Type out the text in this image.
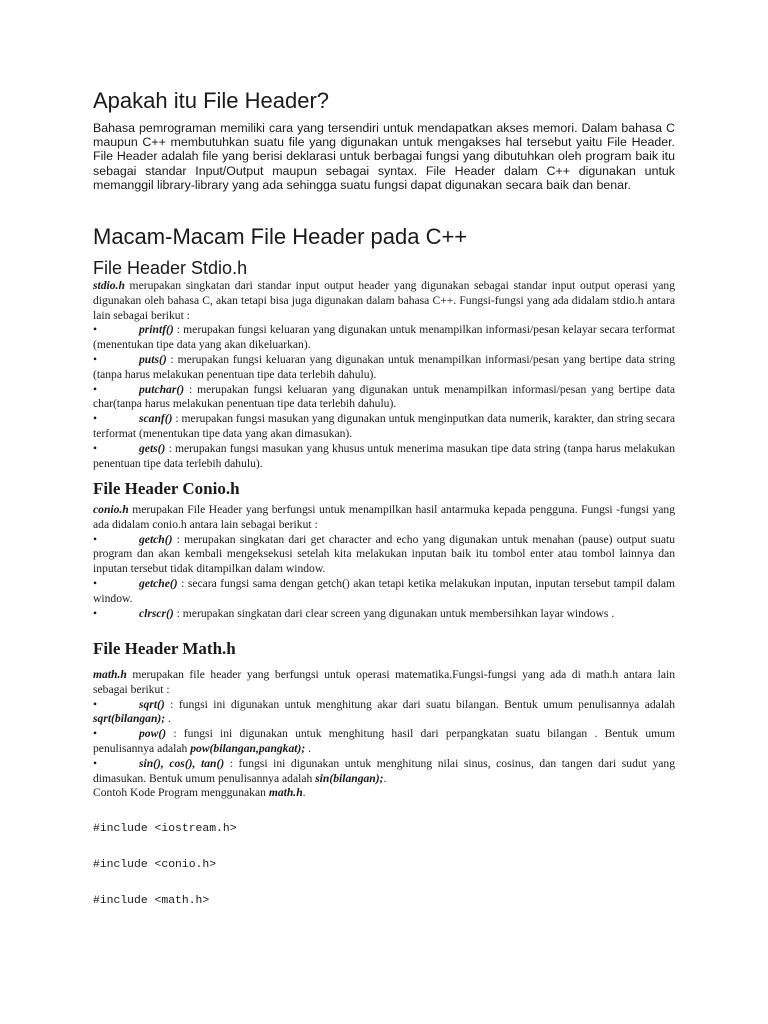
Apakah itu File Header?

Bahasa pemrograman memiliki cara yang tersendiri untuk mendapatkan akses memori. Dalam bahasa C maupun C++ membutuhkan suatu file yang digunakan untuk mengakses hal tersebut yaitu File Header. File Header adalah file yang berisi deklarasi untuk berbagai fungsi yang dibutuhkan oleh program baik itu sebagai standar Input/Output maupun sebagai syntax. File Header dalam C++ digunakan untuk memanggil library-library yang ada sehingga suatu fungsi dapat digunakan secara baik dan benar.

Macam-Macam File Header pada C++
File Header Stdio.h

stdio.h merupakan singkatan dari standar input output header yang digunakan sebagai standar input output operasi yang digunakan oleh bahasa C, akan tetapi bisa juga digunakan dalam bahasa C++. Fungsi-fungsi yang ada didalam stdio.h antara lain sebagai berikut :

•	printf() : merupakan fungsi keluaran yang digunakan untuk menampilkan informasi/pesan kelayar secara terformat (menentukan tipe data yang akan dikeluarkan).

•	puts() : merupakan fungsi keluaran yang digunakan untuk menampilkan informasi/pesan yang bertipe data string (tanpa harus melakukan penentuan tipe data terlebih dahulu).

•	putchar() : merupakan fungsi keluaran yang digunakan untuk menampilkan informasi/pesan yang bertipe data char(tanpa harus melakukan penentuan tipe data terlebih dahulu).

•	scanf() : merupakan fungsi masukan yang digunakan untuk menginputkan data numerik, karakter, dan string secara terformat (menentukan tipe data yang akan dimasukan).

•	gets() : merupakan fungsi masukan yang khusus untuk menerima masukan tipe data string (tanpa harus melakukan penentuan tipe data terlebih dahulu).

File Header Conio.h

conio.h merupakan File Header yang berfungsi untuk menampilkan hasil antarmuka kepada pengguna. Fungsi -fungsi yang ada didalam conio.h antara lain sebagai berikut :

•	getch() : merupakan singkatan dari get character and echo yang digunakan untuk menahan (pause) output suatu program dan akan kembali mengeksekusi setelah kita melakukan inputan baik itu tombol enter atau tombol lainnya dan inputan tersebut tidak ditampilkan dalam window.

•	getche() : secara fungsi sama dengan getch() akan tetapi ketika melakukan inputan, inputan tersebut tampil dalam window.

•	clrscr() : merupakan singkatan dari clear screen yang digunakan untuk membersihkan layar windows .

File Header Math.h

math.h merupakan file header yang berfungsi untuk operasi matematika.Fungsi-fungsi yang ada di math.h antara lain sebagai berikut :

•	sqrt() : fungsi ini digunakan untuk menghitung akar dari suatu bilangan. Bentuk umum penulisannya adalah sqrt(bilangan); .

•	pow() : fungsi ini digunakan untuk menghitung hasil dari perpangkatan suatu bilangan . Bentuk umum penulisannya adalah pow(bilangan,pangkat); .

•	sin(), cos(), tan() : fungsi ini digunakan untuk menghitung nilai sinus, cosinus, dan tangen dari sudut yang dimasukan. Bentuk umum penulisannya adalah sin(bilangan);.

Contoh Kode Program menggunakan math.h.

#include <iostream.h>
#include <conio.h>
#include <math.h>
